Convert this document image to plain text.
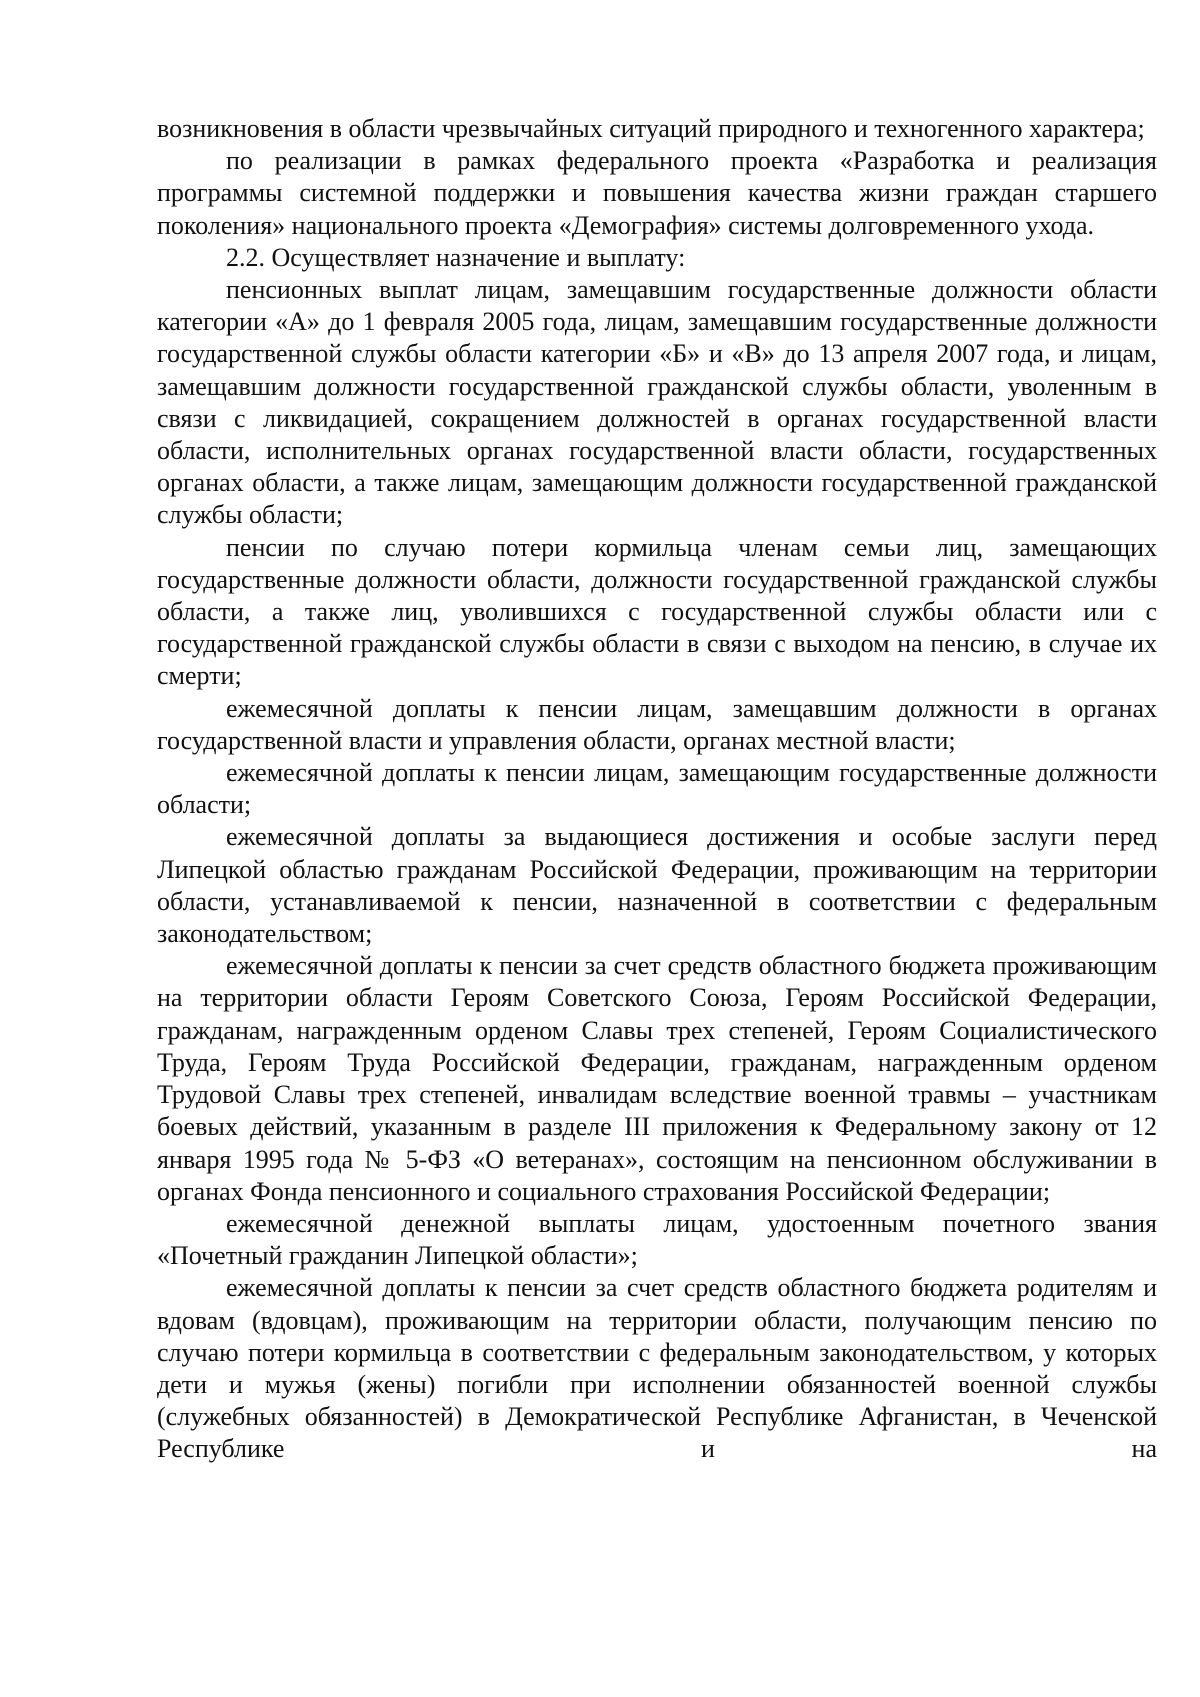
возникновения в области чрезвычайных ситуаций природного и техногенного характера;

по реализации в рамках федерального проекта «Разработка и реализация программы системной поддержки и повышения качества жизни граждан старшего поколения» национального проекта «Демография» системы долговременного ухода.

2.2. Осуществляет назначение и выплату:

пенсионных выплат лицам, замещавшим государственные должности области категории «А» до 1 февраля 2005 года, лицам, замещавшим государственные должности государственной службы области категории «Б» и «В» до 13 апреля 2007 года, и лицам, замещавшим должности государственной гражданской службы области, уволенным в связи с ликвидацией, сокращением должностей в органах государственной власти области, исполнительных органах государственной власти области, государственных органах области, а также лицам, замещающим должности государственной гражданской службы области;

пенсии по случаю потери кормильца членам семьи лиц, замещающих государственные должности области, должности государственной гражданской службы области, а также лиц, уволившихся с государственной службы области или с государственной гражданской службы области в связи с выходом на пенсию, в случае их смерти;

ежемесячной доплаты к пенсии лицам, замещавшим должности в органах государственной власти и управления области, органах местной власти;

ежемесячной доплаты к пенсии лицам, замещающим государственные должности области;

ежемесячной доплаты за выдающиеся достижения и особые заслуги перед Липецкой областью гражданам Российской Федерации, проживающим на территории области, устанавливаемой к пенсии, назначенной в соответствии с федеральным законодательством;

ежемесячной доплаты к пенсии за счет средств областного бюджета проживающим на территории области Героям Советского Союза, Героям Российской Федерации, гражданам, награжденным орденом Славы трех степеней, Героям Социалистического Труда, Героям Труда Российской Федерации, гражданам, награжденным орденом Трудовой Славы трех степеней, инвалидам вследствие военной травмы – участникам боевых действий, указанным в разделе III приложения к Федеральному закону от 12 января 1995 года № 5-ФЗ «О ветеранах», состоящим на пенсионном обслуживании в органах Фонда пенсионного и социального страхования Российской Федерации;

ежемесячной денежной выплаты лицам, удостоенным почетного звания «Почетный гражданин Липецкой области»;

ежемесячной доплаты к пенсии за счет средств областного бюджета родителям и вдовам (вдовцам), проживающим на территории области, получающим пенсию по случаю потери кормильца в соответствии с федеральным законодательством, у которых дети и мужья (жены) погибли при исполнении обязанностей военной службы (служебных обязанностей) в Демократической Республике Афганистан, в Чеченской Республике и на
